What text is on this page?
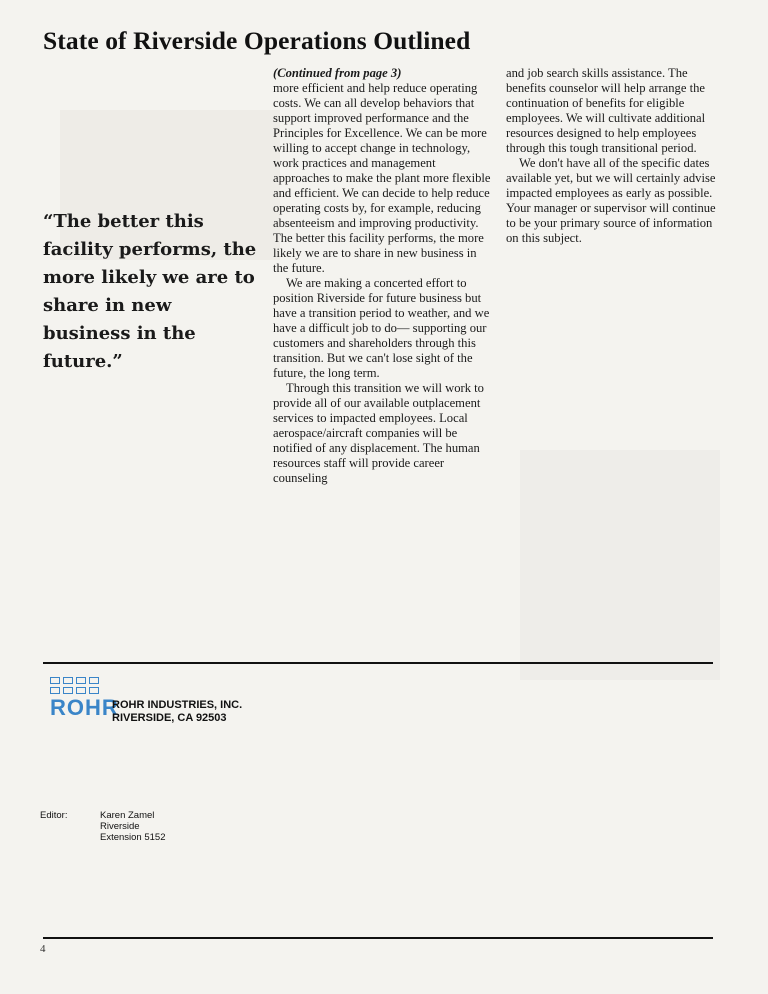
State of Riverside Operations Outlined

“The better this facility performs, the more likely we are to share in new business in the future.”

(Continued from page 3)

more efficient and help reduce operating costs. We can all develop behaviors that support improved performance and the Principles for Excellence. We can be more willing to accept change in technology, work practices and management approaches to make the plant more flexible and efficient. We can decide to help reduce operating costs by, for example, reducing absenteeism and improving productivity. The better this facility performs, the more likely we are to share in new business in the future.

We are making a concerted effort to position Riverside for future business but have a transition period to weather, and we have a difficult job to do— supporting our customers and shareholders through this transition. But we can't lose sight of the future, the long term.

Through this transition we will work to provide all of our available outplacement services to impacted employees. Local aerospace/aircraft companies will be notified of any displacement. The human resources staff will provide career counseling

and job search skills assistance. The benefits counselor will help arrange the continuation of benefits for eligible employees. We will cultivate additional resources designed to help employees through this tough transitional period.

We don't have all of the specific dates available yet, but we will certainly advise impacted employees as early as possible. Your manager or supervisor will continue to be your primary source of information on this subject.

ROHR
ROHR INDUSTRIES, INC.
RIVERSIDE, CA 92503
Editor:	Karen Zamel
Riverside
Extension 5152
4
